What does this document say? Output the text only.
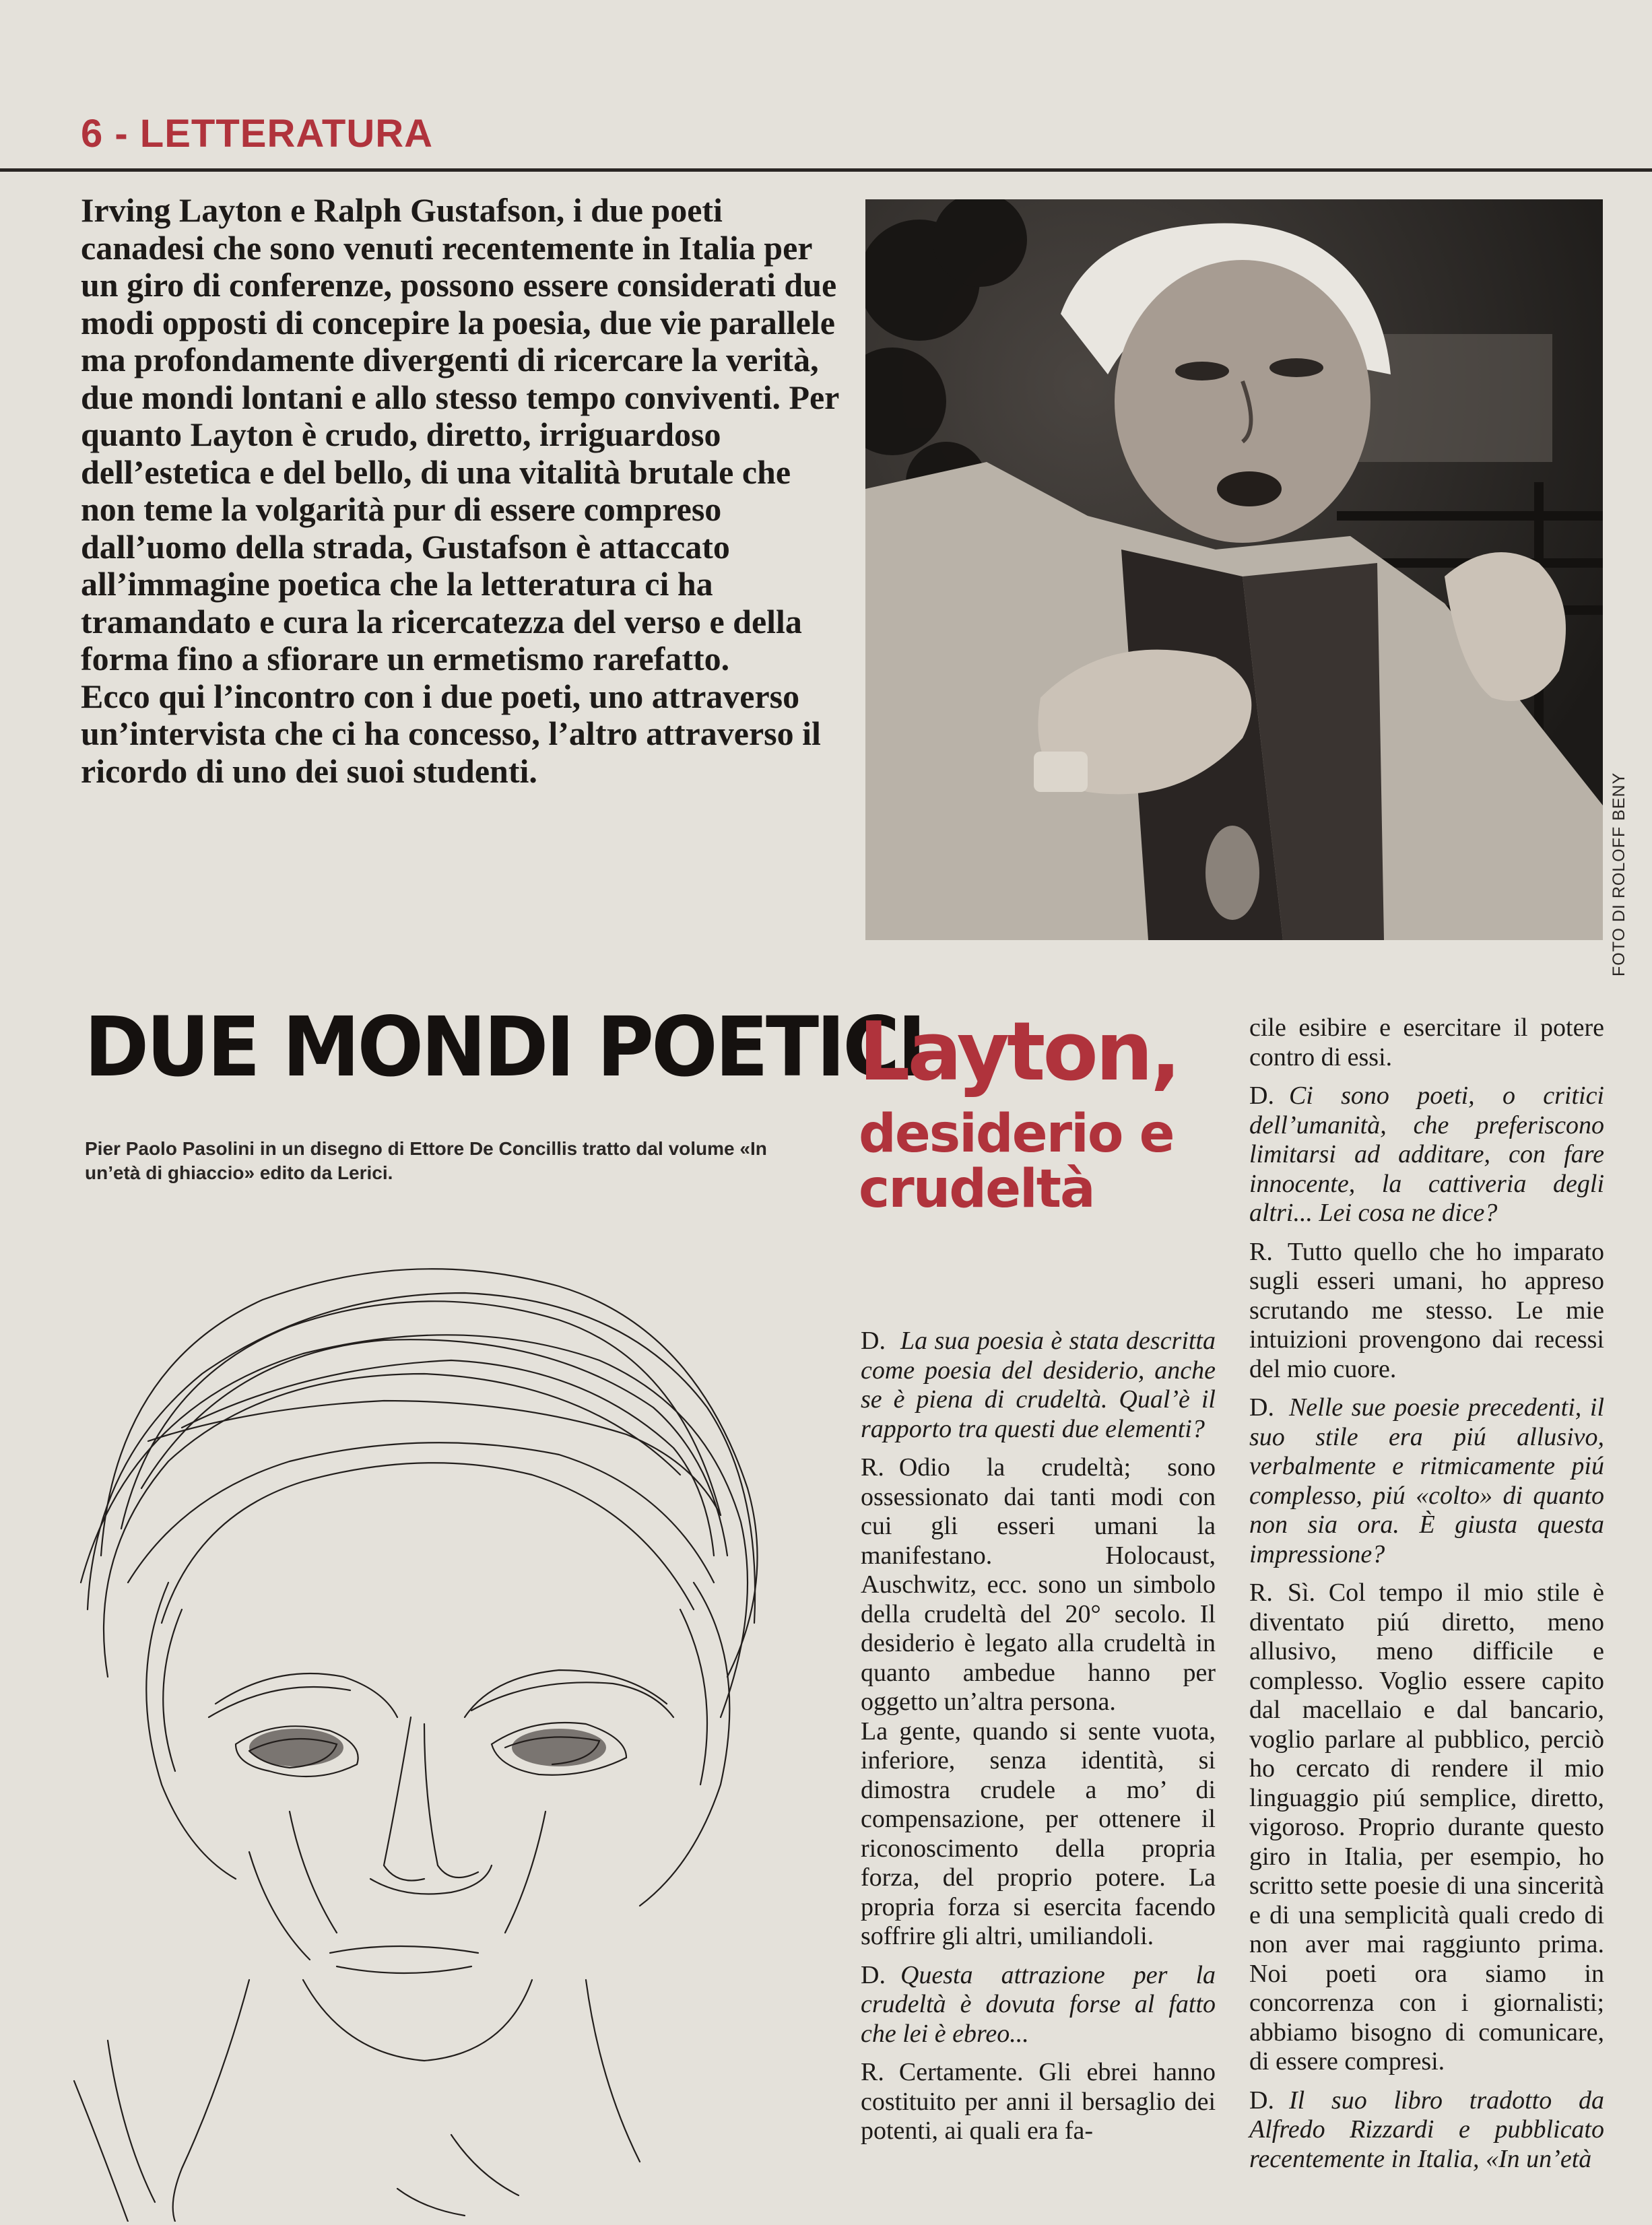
6 - LETTERATURA

Irving Layton e Ralph Gustafson, i due poeti canadesi che sono venuti recentemente in Italia per un giro di conferenze, possono essere considerati due modi opposti di concepire la poesia, due vie parallele ma profondamente divergenti di ricercare la verità, due mondi lontani e allo stesso tempo conviventi. Per quanto Layton è crudo, diretto, irriguardoso dell’estetica e del bello, di una vitalità brutale che non teme la volgarità pur di essere compreso dall’uomo della strada, Gustafson è attaccato all’immagine poetica che la letteratura ci ha tramandato e cura la ricercatezza del verso e della forma fino a sfiorare un ermetismo rarefatto.

Ecco qui l’incontro con i due poeti, uno attraverso un’intervista che ci ha concesso, l’altro attraverso il ricordo di uno dei suoi studenti.

FOTO DI ROLOFF BENY
DUE MONDI POETICI
Pier Paolo Pasolini in un disegno di Ettore De Concillis tratto dal volume «In un’età di ghiaccio» edito da Lerici.
Layton,
desiderio e crudeltà

D. La sua poesia è stata descritta come poesia del desiderio, anche se è piena di crudeltà. Qual’è il rapporto tra questi due elementi?

R. Odio la crudeltà; sono ossessionato dai tanti modi con cui gli esseri umani la manifestano. Holocaust, Auschwitz, ecc. sono un simbolo della crudeltà del 20° secolo. Il desiderio è legato alla crudeltà in quanto ambedue hanno per oggetto un’altra persona.

La gente, quando si sente vuota, inferiore, senza identità, si dimostra crudele a mo’ di compensazione, per ottenere il riconoscimento della propria forza, del proprio potere. La propria forza si esercita facendo soffrire gli altri, umiliandoli.

D. Questa attrazione per la crudeltà è dovuta forse al fatto che lei è ebreo...

R. Certamente. Gli ebrei hanno costituito per anni il bersaglio dei potenti, ai quali era fa-

cile esibire e esercitare il potere contro di essi.

D. Ci sono poeti, o critici dell’umanità, che preferiscono limitarsi ad additare, con fare innocente, la cattiveria degli altri... Lei cosa ne dice?

R. Tutto quello che ho imparato sugli esseri umani, ho appreso scrutando me stesso. Le mie intuizioni provengono dai recessi del mio cuore.

D. Nelle sue poesie precedenti, il suo stile era piú allusivo, verbalmente e ritmicamente piú complesso, piú «colto» di quanto non sia ora. È giusta questa impressione?

R. Sì. Col tempo il mio stile è diventato piú diretto, meno allusivo, meno difficile e complesso. Voglio essere capito dal macellaio e dal bancario, voglio parlare al pubblico, perciò ho cercato di rendere il mio linguaggio piú semplice, diretto, vigoroso. Proprio durante questo giro in Italia, per esempio, ho scritto sette poesie di una sincerità e di una semplicità quali credo di non aver mai raggiunto prima. Noi poeti ora siamo in concorrenza con i giornalisti; abbiamo bisogno di comunicare, di essere compresi.

D. Il suo libro tradotto da Alfredo Rizzardi e pubblicato recentemente in Italia, «In un’età
